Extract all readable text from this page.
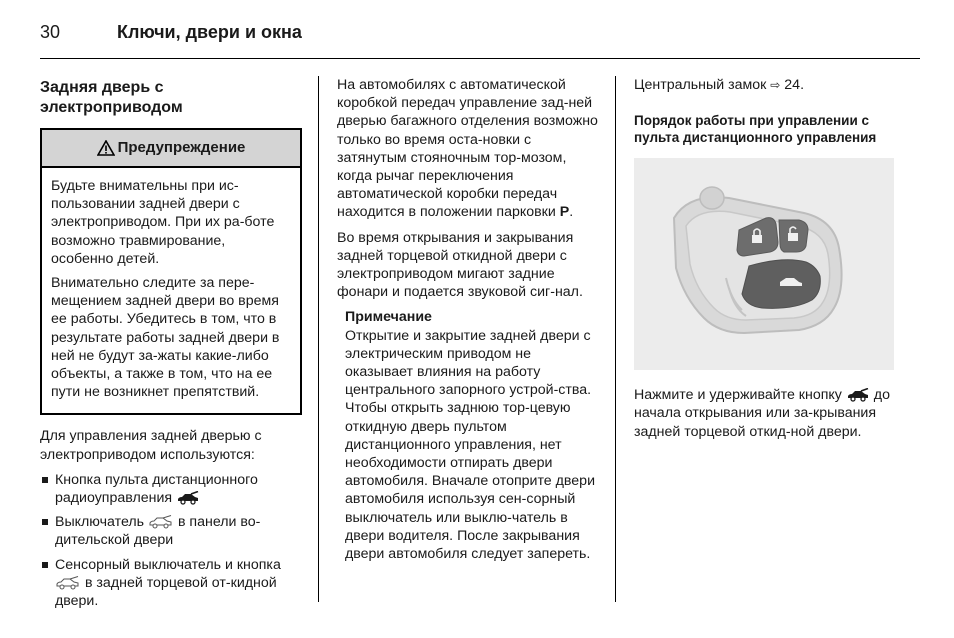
30	Ключи, двери и окна
Задняя дверь с электроприводом
Предупреждение

Будьте внимательны при ис-пользовании задней двери с электроприводом. При их ра-боте возможно травмирование, особенно детей.

Внимательно следите за пере-мещением задней двери во время ее работы. Убедитесь в том, что в результате работы задней двери в ней не будут за-жаты какие-либо объекты, а также в том, что на ее пути не возникнет препятствий.

Для управления задней дверью с электроприводом используются:

Кнопка пульта дистанционного радиоуправления
Выключатель в панели во-дительской двери
Сенсорный выключатель и кнопка  в задней торцевой от-кидной двери.

На автомобилях с автоматической коробкой передач управление зад-ней дверью багажного отделения возможно только во время оста-новки с затянутым стояночным тор-мозом, когда рычаг переключения автоматической коробки передач находится в положении парковки P.

Во время открывания и закрывания задней торцевой откидной двери с электроприводом мигают задние фонари и подается звуковой сиг-нал.

Примечание
Открытие и закрытие задней двери с электрическим приводом не оказывает влияния на работу центрального запорного устрой-ства. Чтобы открыть заднюю тор-цевую откидную дверь пультом дистанционного управления, нет необходимости отпирать двери автомобиля. Вначале отоприте двери автомобиля используя сен-сорный выключатель или выклю-чатель в двери водителя. После закрывания двери автомобиля следует запереть.

Центральный замок ⇨ 24.

Порядок работы при управлении с пульта дистанционного управления

Нажмите и удерживайте кнопку до начала открывания или за-крывания задней торцевой откид-ной двери.
